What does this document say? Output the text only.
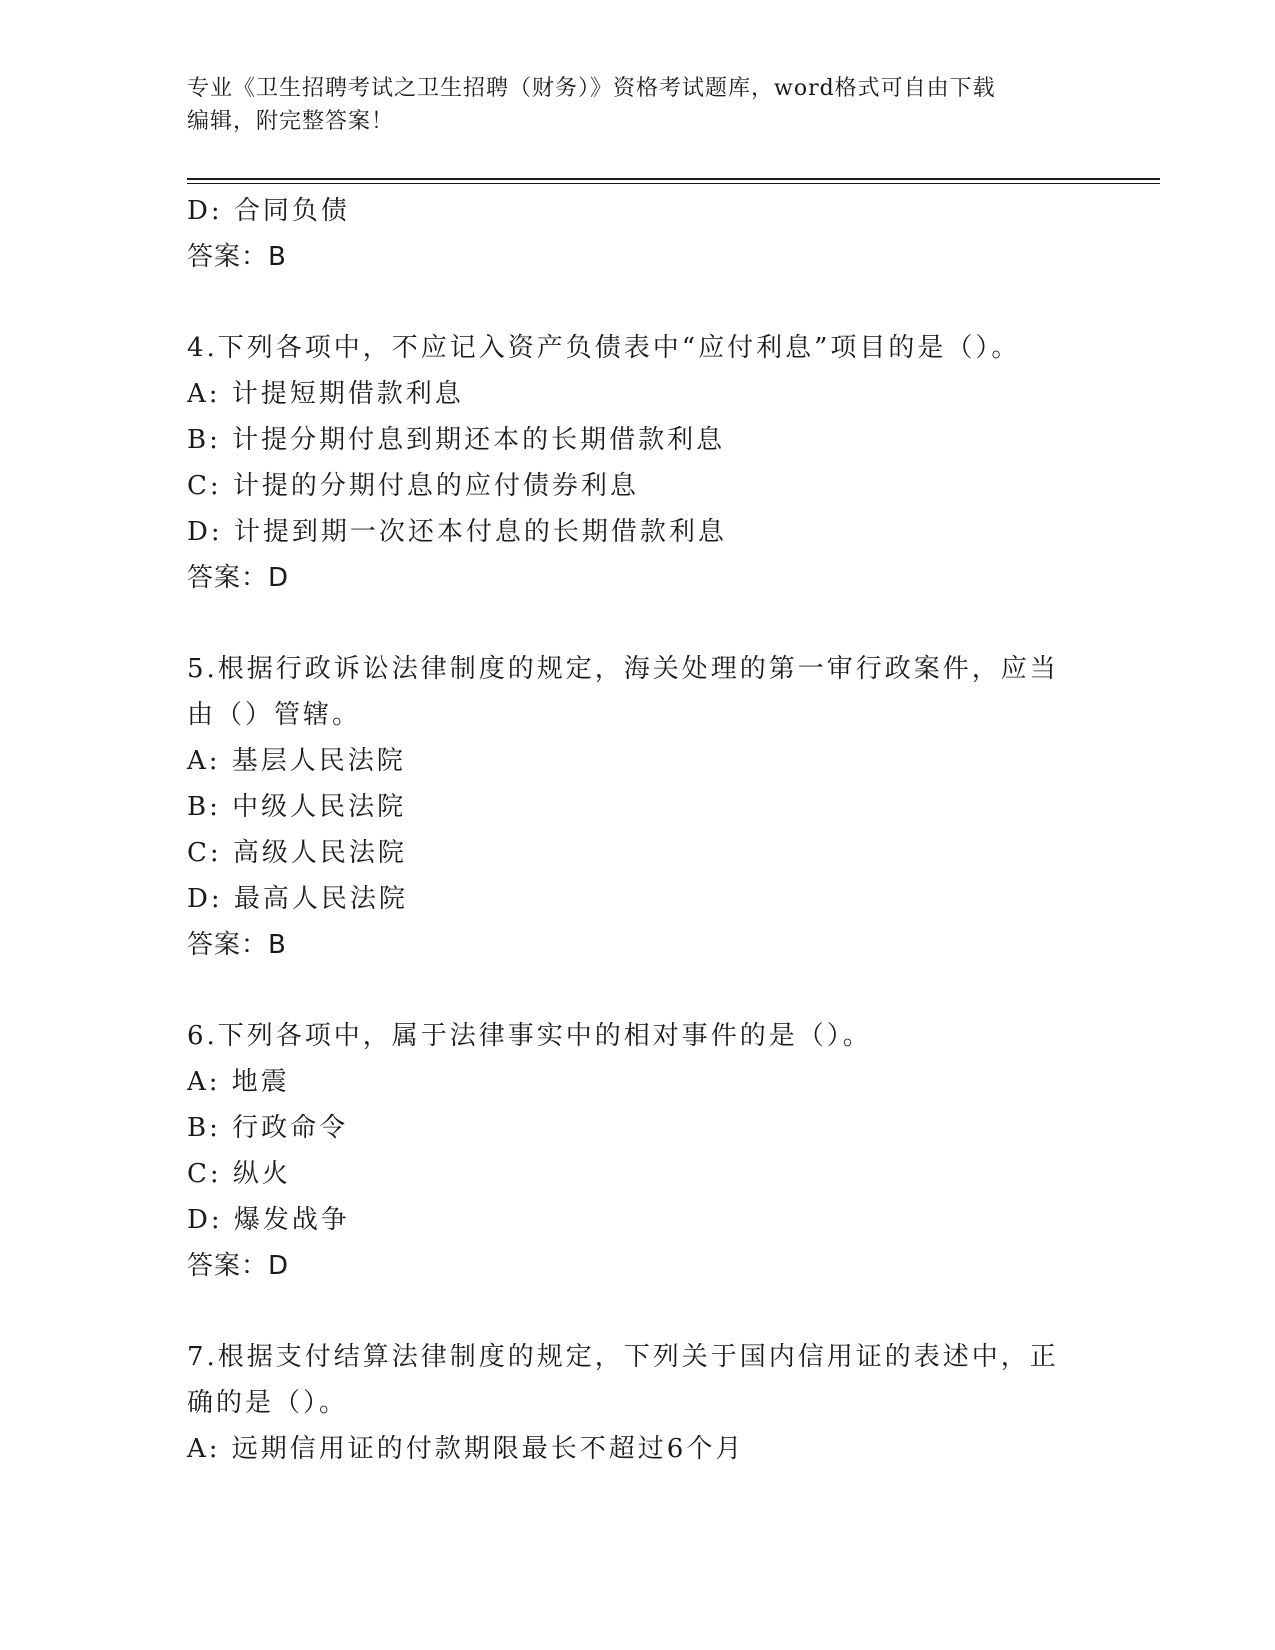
专业《卫生招聘考试之卫生招聘（财务）》资格考试题库，word格式可自由下载
编辑，附完整答案！
D: 合同负债
答案：B
4.下列各项中，不应记入资产负债表中“应付利息”项目的是（）。
A: 计提短期借款利息
B: 计提分期付息到期还本的长期借款利息
C: 计提的分期付息的应付债券利息
D: 计提到期一次还本付息的长期借款利息
答案：D
5.根据行政诉讼法律制度的规定，海关处理的第一审行政案件，应当
由（）管辖。
A: 基层人民法院
B: 中级人民法院
C: 高级人民法院
D: 最高人民法院
答案：B
6.下列各项中，属于法律事实中的相对事件的是（）。
A: 地震
B: 行政命令
C: 纵火
D: 爆发战争
答案：D
7.根据支付结算法律制度的规定，下列关于国内信用证的表述中，正
确的是（）。
A: 远期信用证的付款期限最长不超过6个月
